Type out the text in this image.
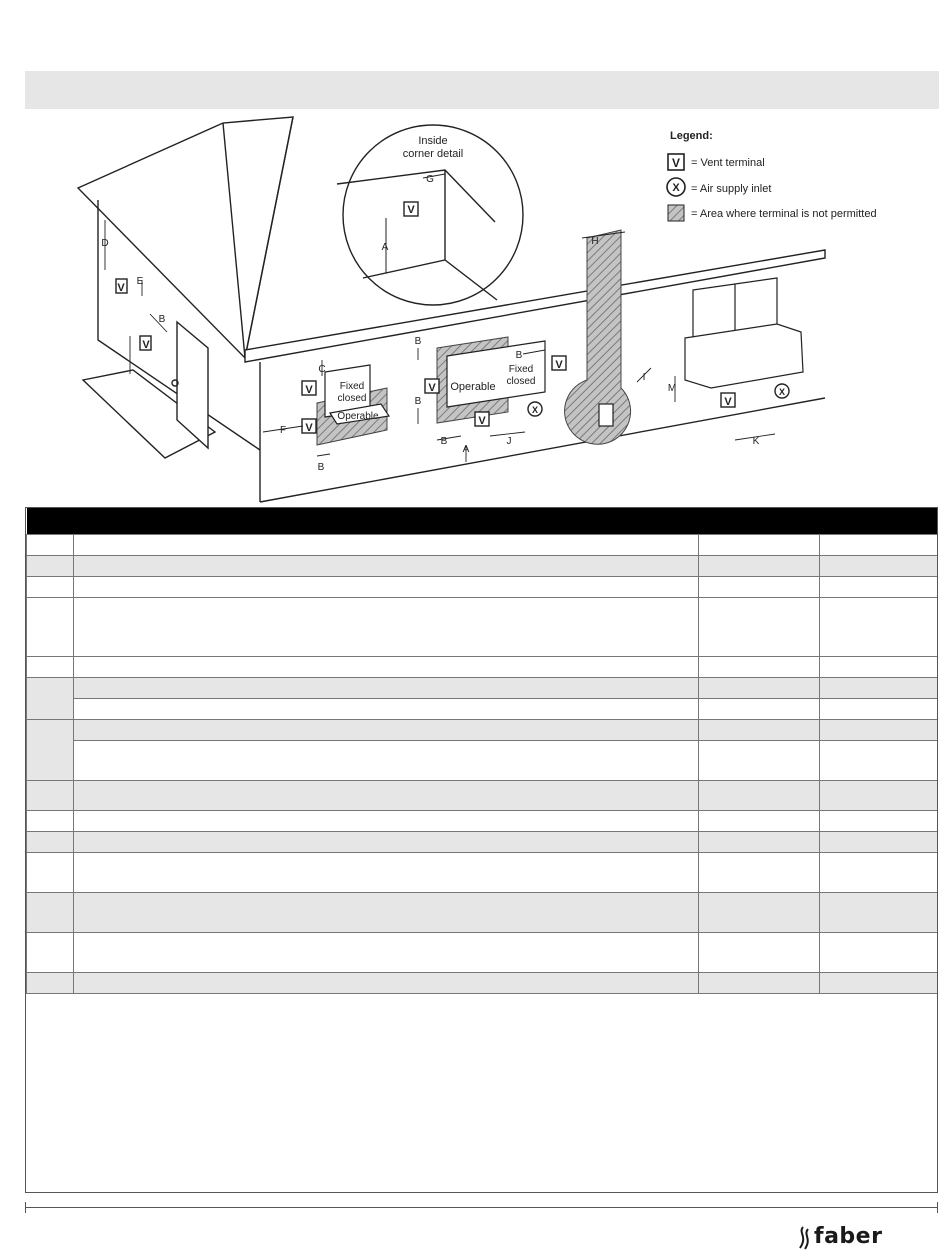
Inside
corner detail
V
A
G
Legend:
V
X
= Vent terminal
= Air supply inlet
= Area where terminal is not permitted
Fixed
closed
Operable
Operable
Fixed
closed
V
V
V
V
V
V
V
V
X
X
D
E
B
C
F
B
B
B
B
A
J
B
H
I
M
K

faber
